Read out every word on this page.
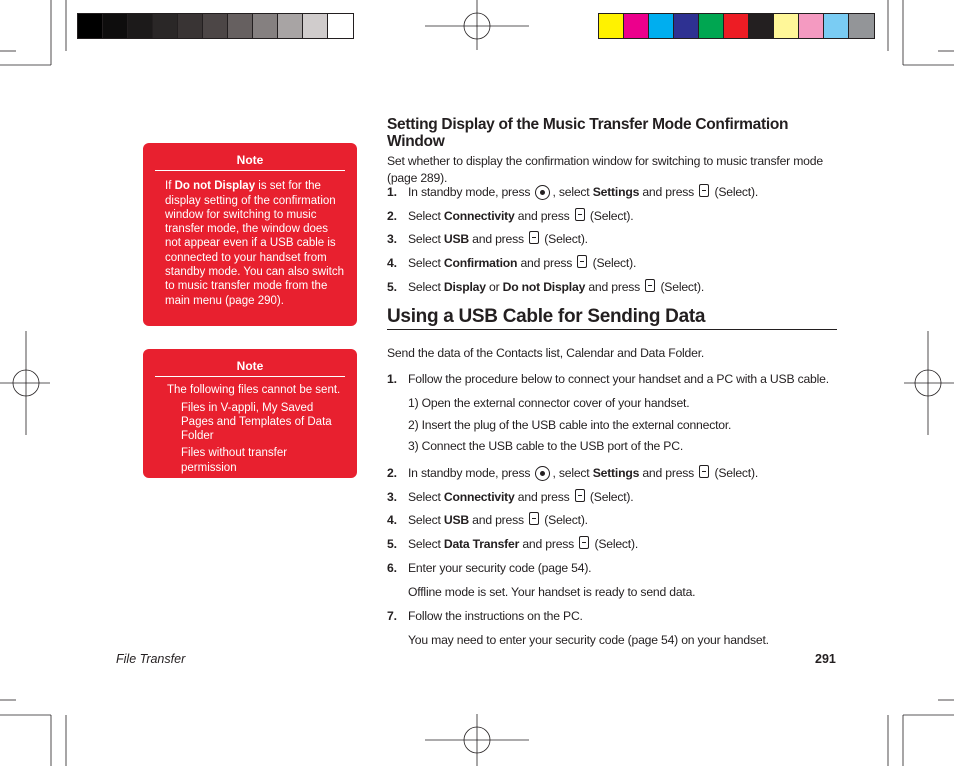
Note
If Do not Display is set for the display setting of the confirmation window for switching to music transfer mode, the window does not appear even if a USB cable is connected to your handset from standby mode. You can also switch to music transfer mode from the main menu (page 290).
Note
The following files cannot be sent.
Files in V-appli, My Saved Pages and Templates of Data Folder
Files without transfer permission
Setting Display of the Music Transfer Mode Confirmation Window
Set whether to display the confirmation window for switching to music transfer mode (page 289).
1. In standby mode, press , select Settings and press  (Select).
2. Select Connectivity and press  (Select).
3. Select USB and press  (Select).
4. Select Confirmation and press  (Select).
5. Select Display or Do not Display and press  (Select).
Using a USB Cable for Sending Data
Send the data of the Contacts list, Calendar and Data Folder.
1. Follow the procedure below to connect your handset and a PC with a USB cable.
1) Open the external connector cover of your handset.
2) Insert the plug of the USB cable into the external connector.
3) Connect the USB cable to the USB port of the PC.
2. In standby mode, press , select Settings and press  (Select).
3. Select Connectivity and press  (Select).
4. Select USB and press  (Select).
5. Select Data Transfer and press  (Select).
6. Enter your security code (page 54).
Offline mode is set. Your handset is ready to send data.
7. Follow the instructions on the PC.
You may need to enter your security code (page 54) on your handset.
File Transfer	291
